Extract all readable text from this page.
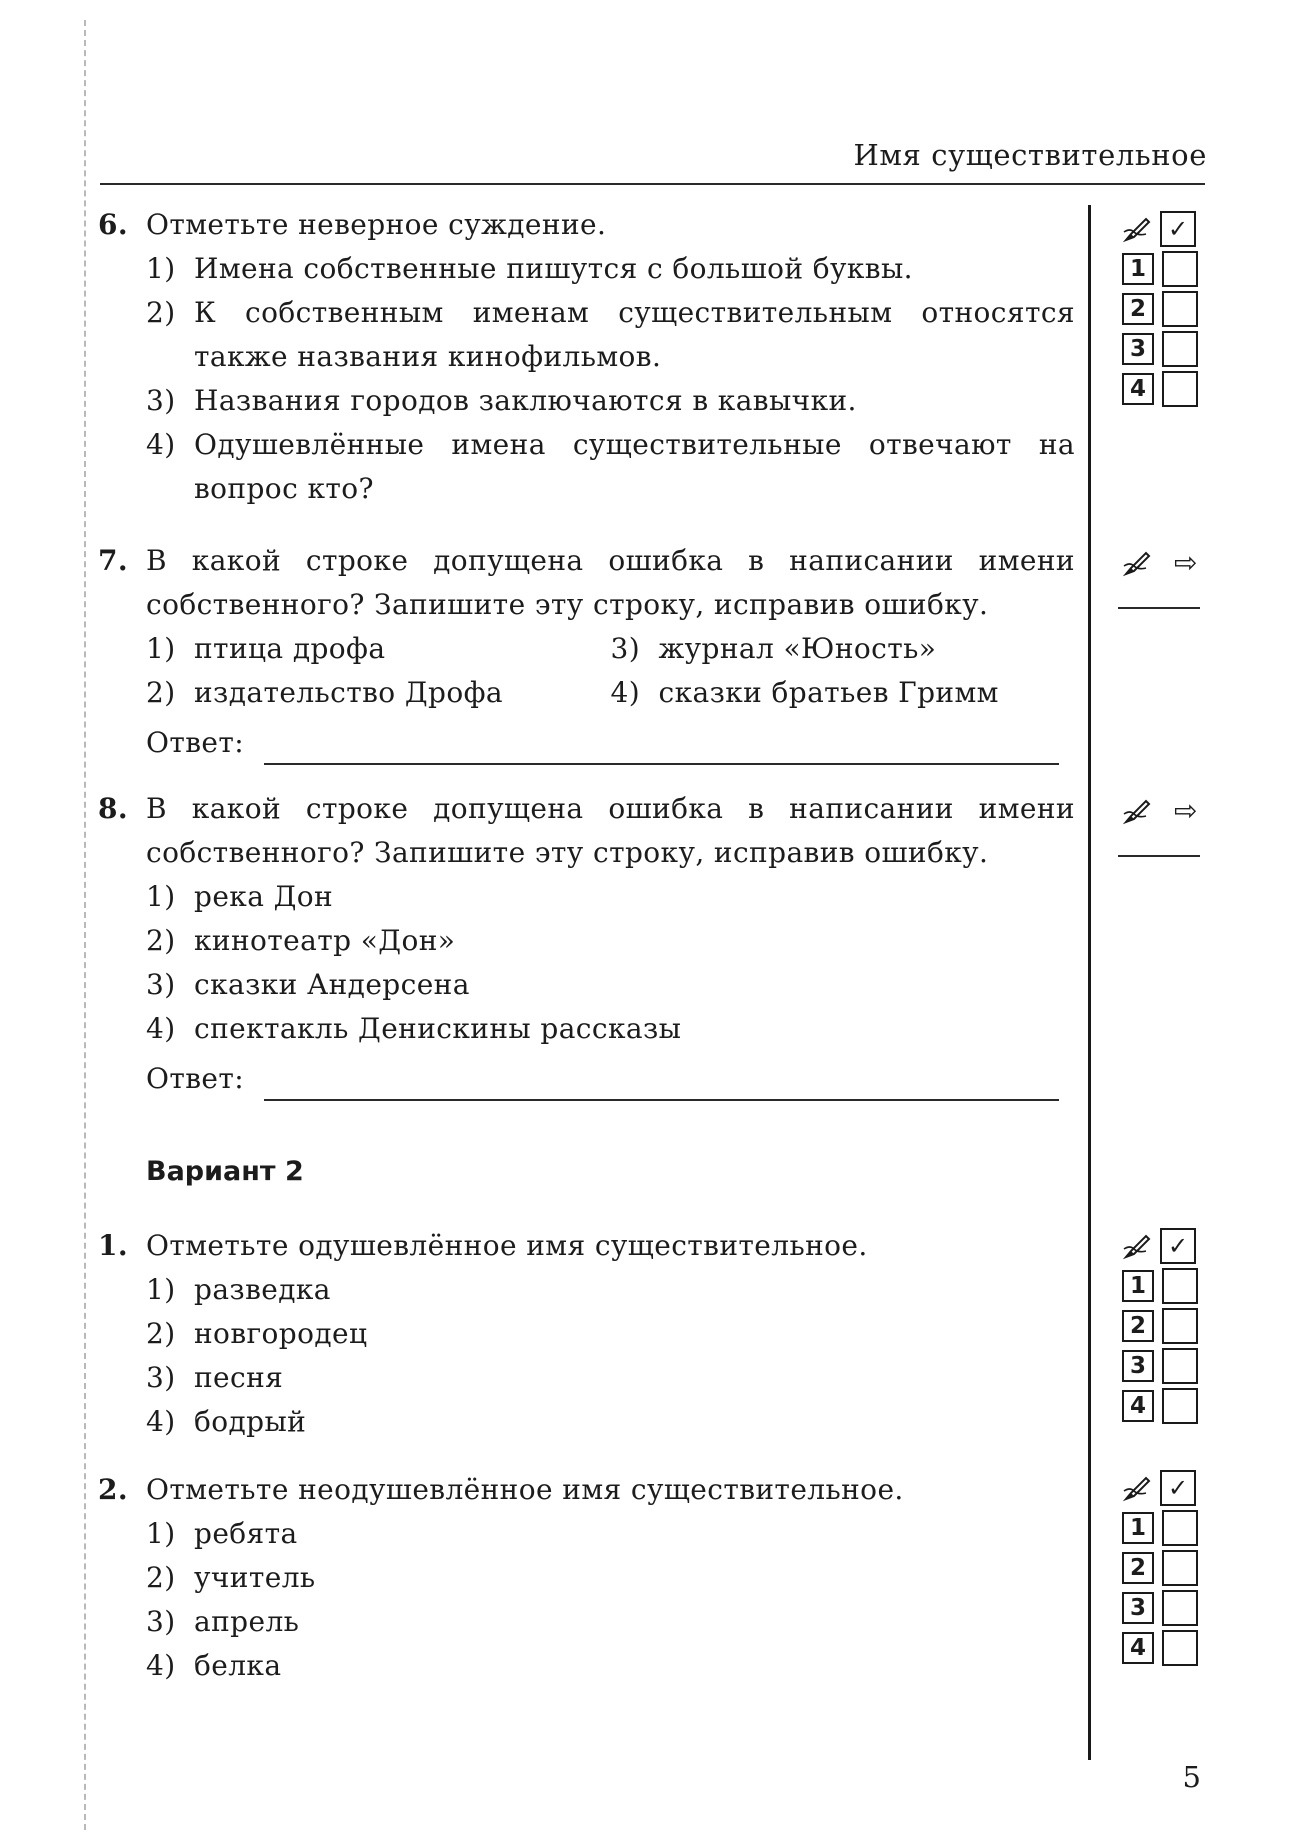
Имя существительное
6. Отметьте неверное суждение.
1) Имена собственные пишутся с большой буквы.
2) К собственным именам существительным относятся также названия кинофильмов.
3) Названия городов заключаются в кавычки.
4) Одушевлённые имена существительные отвечают на вопрос кто?
7. В какой строке допущена ошибка в написании имени собственного? Запишите эту строку, исправив ошибку.
1) птица дрофа
2) издательство Дрофа
3) журнал «Юность»
4) сказки братьев Гримм
Ответ:
8. В какой строке допущена ошибка в написании имени собственного? Запишите эту строку, исправив ошибку.
1) река Дон
2) кинотеатр «Дон»
3) сказки Андерсена
4) спектакль Денискины рассказы
Ответ:
Вариант 2
1. Отметьте одушевлённое имя существительное.
1) разведка
2) новгородец
3) песня
4) бодрый
2. Отметьте неодушевлённое имя существительное.
1) ребята
2) учитель
3) апрель
4) белка
✓
1
2
3
4
⇨
⇨
✓
1
2
3
4
✓
1
2
3
4
5
